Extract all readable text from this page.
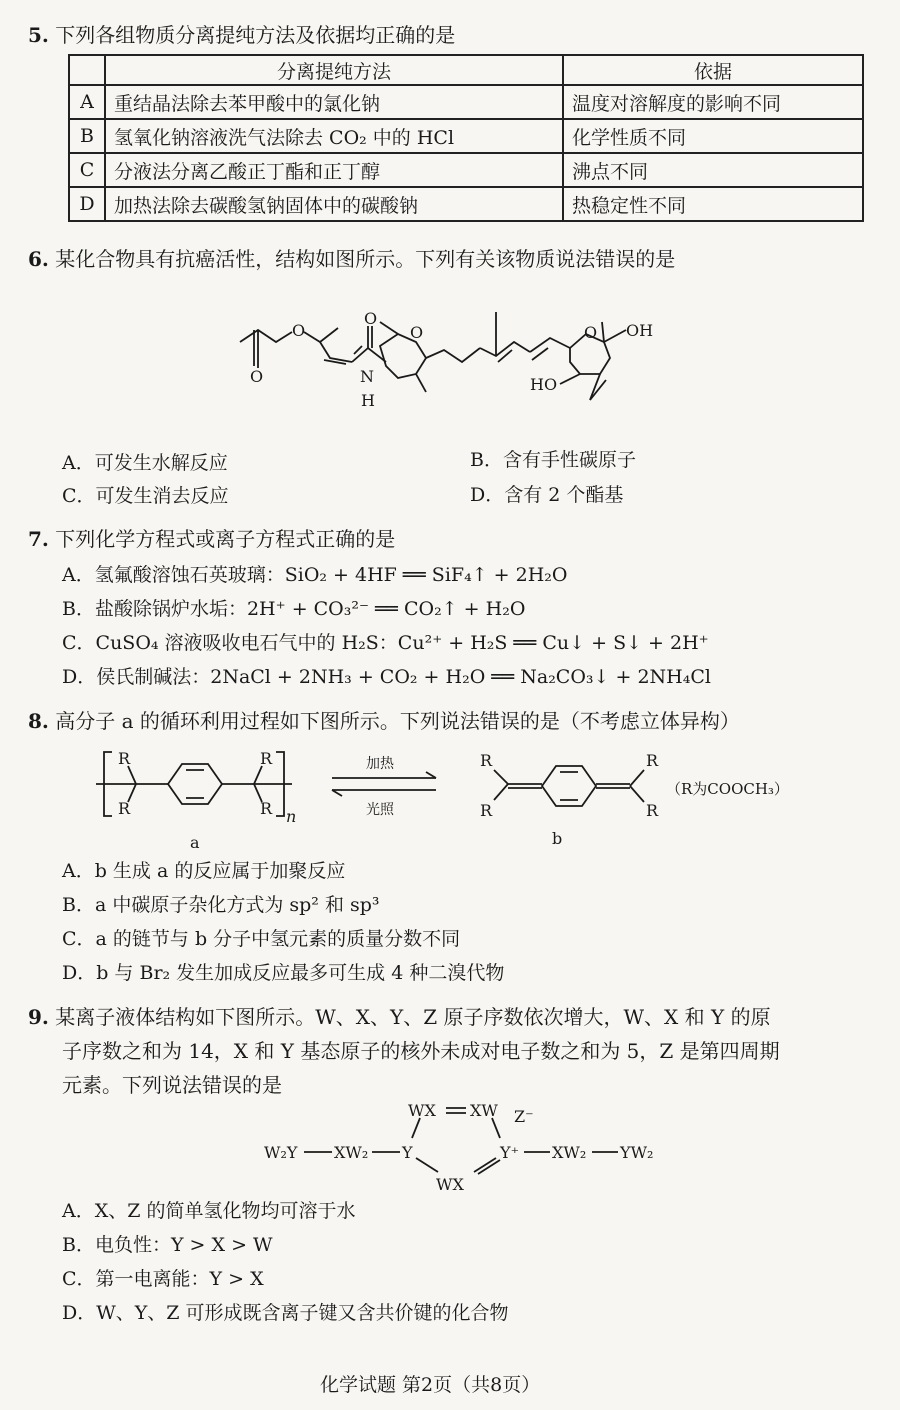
5. 下列各组物质分离提纯方法及依据均正确的是
	分离提纯方法	依据
A	重结晶法除去苯甲酸中的氯化钠	温度对溶解度的影响不同
B	氢氧化钠溶液洗气法除去 CO₂ 中的 HCl	化学性质不同
C	分液法分离乙酸正丁酯和正丁醇	沸点不同
D	加热法除去碳酸氢钠固体中的碳酸钠	热稳定性不同
6. 某化合物具有抗癌活性，结构如图所示。下列有关该物质说法错误的是
O
O
O
O	O OH
HO
N
H
A．可发生水解反应	B．含有手性碳原子
C．可发生消去反应	D．含有 2 个酯基
7. 下列化学方程式或离子方程式正确的是
A．氢氟酸溶蚀石英玻璃：SiO₂ + 4HF ══ SiF₄↑ + 2H₂O
B．盐酸除锅炉水垢：2H⁺ + CO₃²⁻ ══ CO₂↑ + H₂O
C．CuSO₄ 溶液吸收电石气中的 H₂S：Cu²⁺ + H₂S ══ Cu↓ + S↓ + 2H⁺
D．侯氏制碱法：2NaCl + 2NH₃ + CO₂ + H₂O ══ Na₂CO₃↓ + 2NH₄Cl
8. 高分子 a 的循环利用过程如下图所示。下列说法错误的是（不考虑立体异构）
R
R
R
R n
加热
光照
R
R
R
R
（R为COOCH₃）
a	b
A．b 生成 a 的反应属于加聚反应
B．a 中碳原子杂化方式为 sp² 和 sp³
C．a 的链节与 b 分子中氢元素的质量分数不同
D．b 与 Br₂ 发生加成反应最多可生成 4 种二溴代物
9. 某离子液体结构如下图所示。W、X、Y、Z 原子序数依次增大，W、X 和 Y 的原
子序数之和为 14，X 和 Y 基态原子的核外未成对电子数之和为 5，Z 是第四周期
元素。下列说法错误的是
WX XW Z⁻
W₂Y XW₂ Y	Y⁺ XW₂ YW₂
WX
A．X、Z 的简单氢化物均可溶于水
B．电负性：Y > X > W
C．第一电离能：Y > X
D．W、Y、Z 可形成既含离子键又含共价键的化合物
化学试题 第2页（共8页）
